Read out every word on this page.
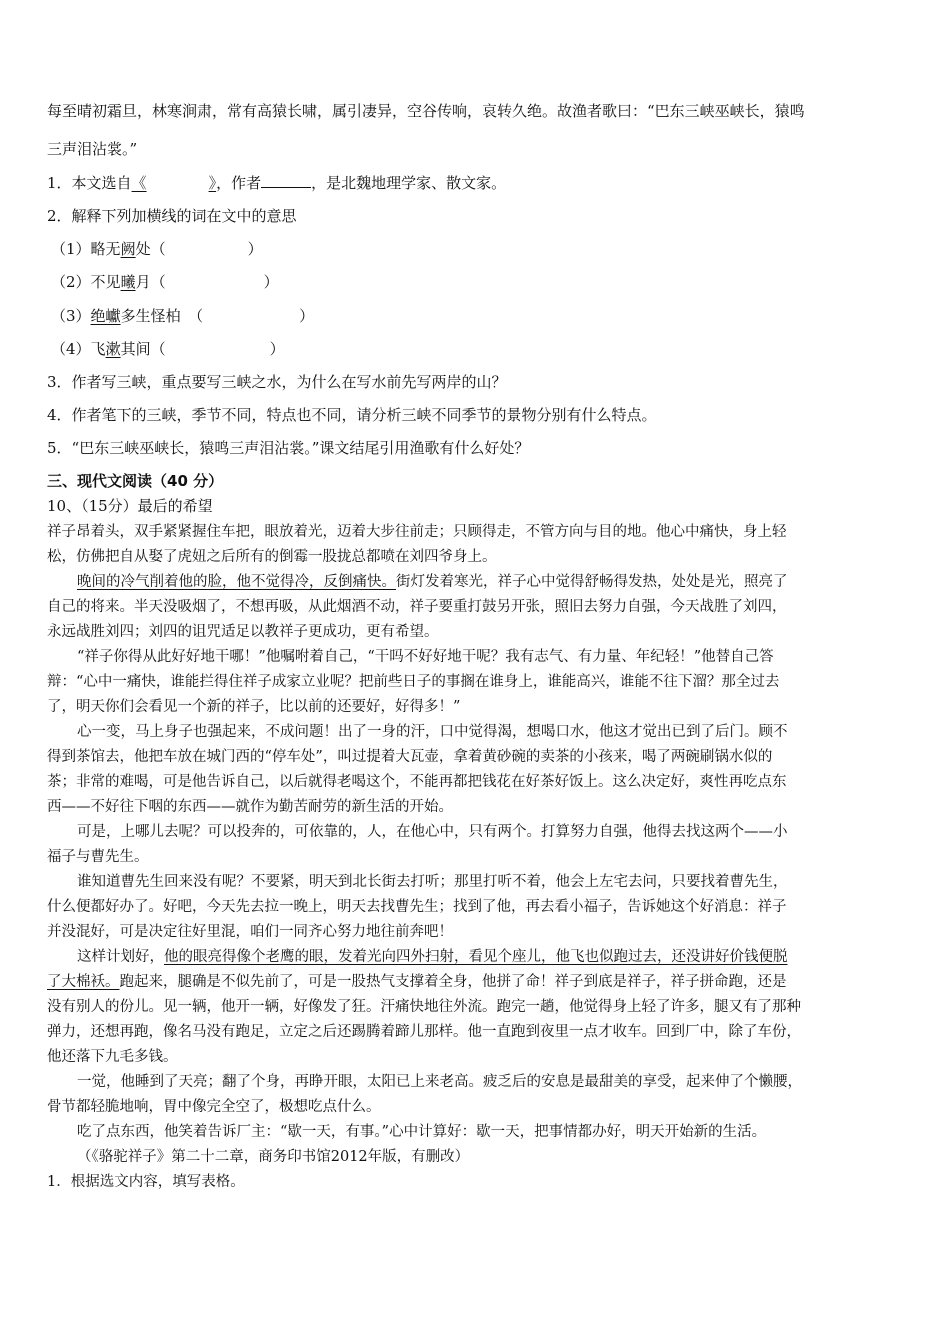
每至晴初霜旦，林寒涧肃，常有高猿长啸，属引凄异，空谷传响，哀转久绝。故渔者歌曰：“巴东三峡巫峡长，猿鸣
三声泪沾裳。”
1．本文选自《	》，作者	，是北魏地理学家、散文家。
2．解释下列加横线的词在文中的意思
（1）略无阙处（	）
（2）不见曦月（	）
（3）绝巘多生怪柏　（	）
（4）飞漱其间（	）
3．作者写三峡，重点要写三峡之水，为什么在写水前先写两岸的山？
4．作者笔下的三峡，季节不同，特点也不同，请分析三峡不同季节的景物分别有什么特点。
5．“巴东三峡巫峡长，猿鸣三声泪沾裳。”课文结尾引用渔歌有什么好处？
三、现代文阅读（40 分）
10、（15分）最后的希望
祥子昂着头，双手紧紧握住车把，眼放着光，迈着大步往前走；只顾得走，不管方向与目的地。他心中痛快，身上轻
松，仿佛把自从娶了虎妞之后所有的倒霉一股拢总都喷在刘四爷身上。
晚间的冷气削着他的脸，他不觉得冷，反倒痛快。街灯发着寒光，祥子心中觉得舒畅得发热，处处是光，照亮了
自己的将来。半天没吸烟了，不想再吸，从此烟酒不动，祥子要重打鼓另开张，照旧去努力自强，今天战胜了刘四，
永远战胜刘四；刘四的诅咒适足以教祥子更成功，更有希望。
“祥子你得从此好好地干哪！”他嘱咐着自己，“干吗不好好地干呢？我有志气、有力量、年纪轻！”他替自己答
辩：“心中一痛快，谁能拦得住祥子成家立业呢？把前些日子的事搁在谁身上，谁能高兴，谁能不往下溜？那全过去
了，明天你们会看见一个新的祥子，比以前的还要好，好得多！”
心一变，马上身子也强起来，不成问题！出了一身的汗，口中觉得渴，想喝口水，他这才觉出已到了后门。顾不
得到茶馆去，他把车放在城门西的“停车处”，叫过提着大瓦壶，拿着黄砂碗的卖茶的小孩来，喝了两碗刷锅水似的
茶；非常的难喝，可是他告诉自己，以后就得老喝这个，不能再都把钱花在好茶好饭上。这么决定好，爽性再吃点东
西——不好往下咽的东西——就作为勤苦耐劳的新生活的开始。
可是，上哪儿去呢？可以投奔的，可依靠的，人，在他心中，只有两个。打算努力自强，他得去找这两个——小
福子与曹先生。
谁知道曹先生回来没有呢？不要紧，明天到北长街去打听；那里打听不着，他会上左宅去问，只要找着曹先生，
什么便都好办了。好吧，今天先去拉一晚上，明天去找曹先生；找到了他，再去看小福子，告诉她这个好消息：祥子
并没混好，可是决定往好里混，咱们一同齐心努力地往前奔吧！
这样计划好，他的眼亮得像个老鹰的眼，发着光向四外扫射，看见个座儿，他飞也似跑过去，还没讲好价钱便脱
了大棉袄。跑起来，腿确是不似先前了，可是一股热气支撑着全身，他拼了命！祥子到底是祥子，祥子拼命跑，还是
没有别人的份儿。见一辆，他开一辆，好像发了狂。汗痛快地往外流。跑完一趟，他觉得身上轻了许多，腿又有了那种
弹力，还想再跑，像名马没有跑足，立定之后还踢腾着蹄儿那样。他一直跑到夜里一点才收车。回到厂中，除了车份，
他还落下九毛多钱。
一觉，他睡到了天亮；翻了个身，再睁开眼，太阳已上来老高。疲乏后的安息是最甜美的享受，起来伸了个懒腰，
骨节都轻脆地响，胃中像完全空了，极想吃点什么。
吃了点东西，他笑着告诉厂主：“歇一天，有事。”心中计算好：歇一天，把事情都办好，明天开始新的生活。
（《骆驼祥子》第二十二章，商务印书馆2012年版，有删改）
1．根据选文内容，填写表格。
